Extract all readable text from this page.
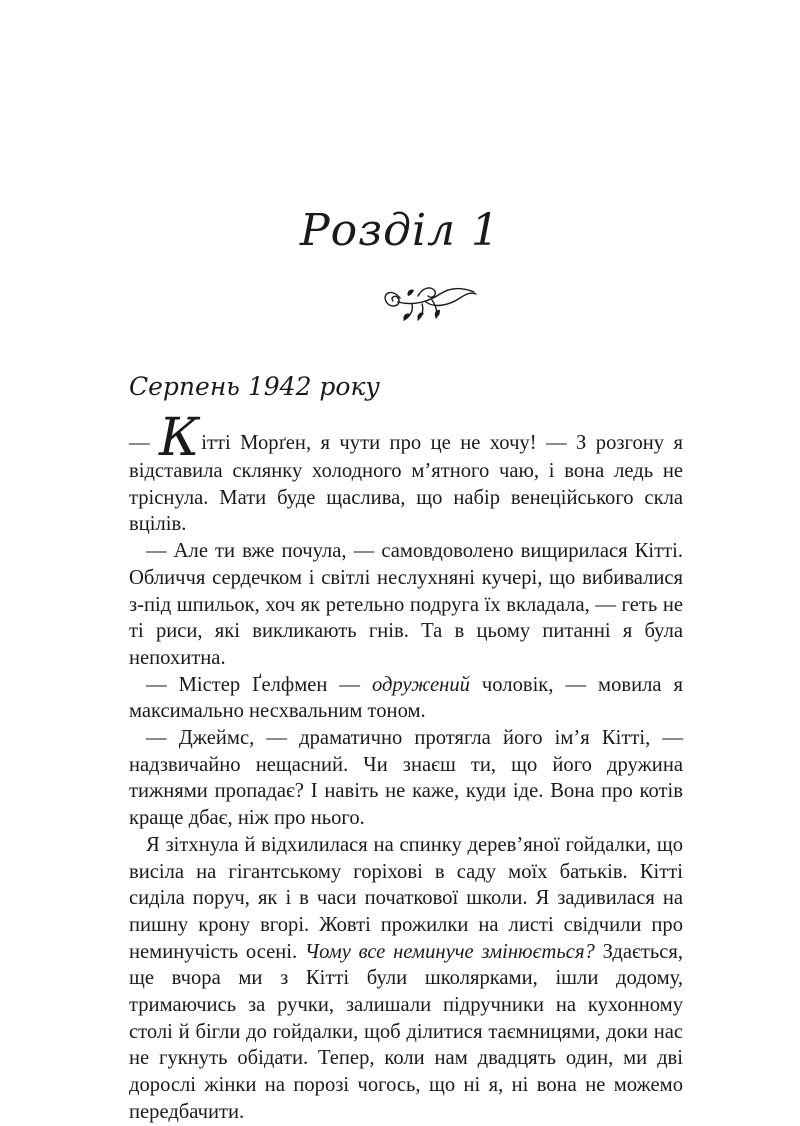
Розділ 1
Серпень 1942 року

— Кітті Морґен, я чути про це не хочу! — З розгону я відставила склянку холодного м’ятного чаю, і вона ледь не тріснула. Мати буде щаслива, що набір венеційського скла вцілів.

— Але ти вже почула, — самовдоволено вищирилася Кітті. Обличчя сердечком і світлі неслухняні кучері, що вибивалися з-під шпильок, хоч як ретельно подруга їх вкладала, — геть не ті риси, які викликають гнів. Та в цьому питанні я була непохитна.

— Містер Ґелфмен — одружений чоловік, — мовила я максимально несхвальним тоном.

— Джеймс, — драматично протягла його ім’я Кітті, — надзвичайно нещасний. Чи знаєш ти, що його дружина тижнями пропадає? І навіть не каже, куди іде. Вона про котів краще дбає, ніж про нього.

Я зітхнула й відхилилася на спинку дерев’яної гойдалки, що висіла на гігантському горіхові в саду моїх батьків. Кітті сиділа поруч, як і в часи початкової школи. Я задивилася на пишну крону вгорі. Жовті прожилки на листі свідчили про неминучість осені. Чому все неминуче змінюється? Здається, ще вчора ми з Кітті були школярками, ішли додому, тримаючись за ручки, залишали підручники на кухонному столі й бігли до гойдалки, щоб ділитися таємницями, доки нас не гукнуть обідати. Тепер, коли нам двадцять один, ми дві дорослі жінки на порозі чогось, що ні я, ні вона не можемо передбачити.
